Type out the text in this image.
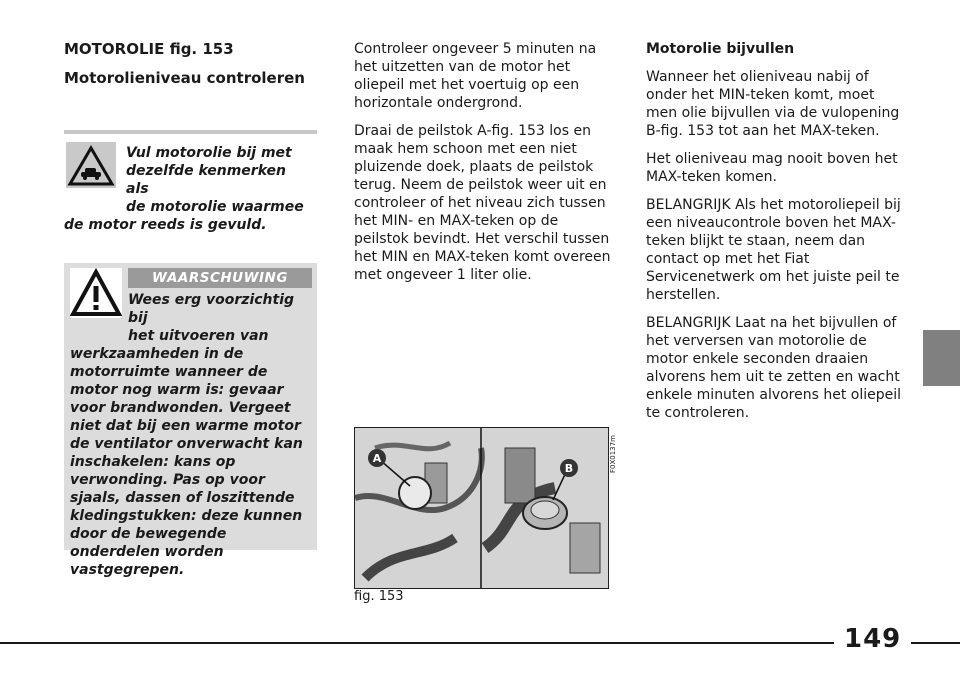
MOTOROLIE fig. 153

Motorolieniveau controleren

Vul motorolie bij met
dezelfde kenmerken als
de motorolie waarmee
de motor reeds is gevuld.
WAARSCHUWING
Wees erg voorzichtig bij
het uitvoeren van
werkzaamheden in de motorruimte wanneer de motor nog warm is: gevaar voor brandwonden. Vergeet niet dat bij een warme motor de ventilator onverwacht kan inschakelen: kans op verwonding. Pas op voor sjaals, dassen of loszittende kledingstukken: deze kunnen door de bewegende onderdelen worden vastgegrepen.

Controleer ongeveer 5 minuten na het uitzetten van de motor het oliepeil met het voertuig op een horizontale ondergrond.

Draai de peilstok A-fig. 153 los en maak hem schoon met een niet pluizende doek, plaats de peilstok terug. Neem de peilstok weer uit en controleer of het niveau zich tussen het MIN- en MAX-teken op de peilstok bevindt. Het verschil tussen het MIN en MAX-teken komt overeen met ongeveer 1 liter olie.

A
B	F0X0137m
fig. 153

Motorolie bijvullen

Wanneer het olieniveau nabij of onder het MIN-teken komt, moet men olie bijvullen via de vulopening B-fig. 153 tot aan het MAX-teken.

Het olieniveau mag nooit boven het MAX-teken komen.

BELANGRIJK Als het motoroliepeil bij een niveaucontrole boven het MAX-teken blijkt te staan, neem dan contact op met het Fiat Servicenetwerk om het juiste peil te herstellen.

BELANGRIJK Laat na het bijvullen of het verversen van motorolie de motor enkele seconden draaien alvorens hem uit te zetten en wacht enkele minuten alvorens het oliepeil te controleren.

149
